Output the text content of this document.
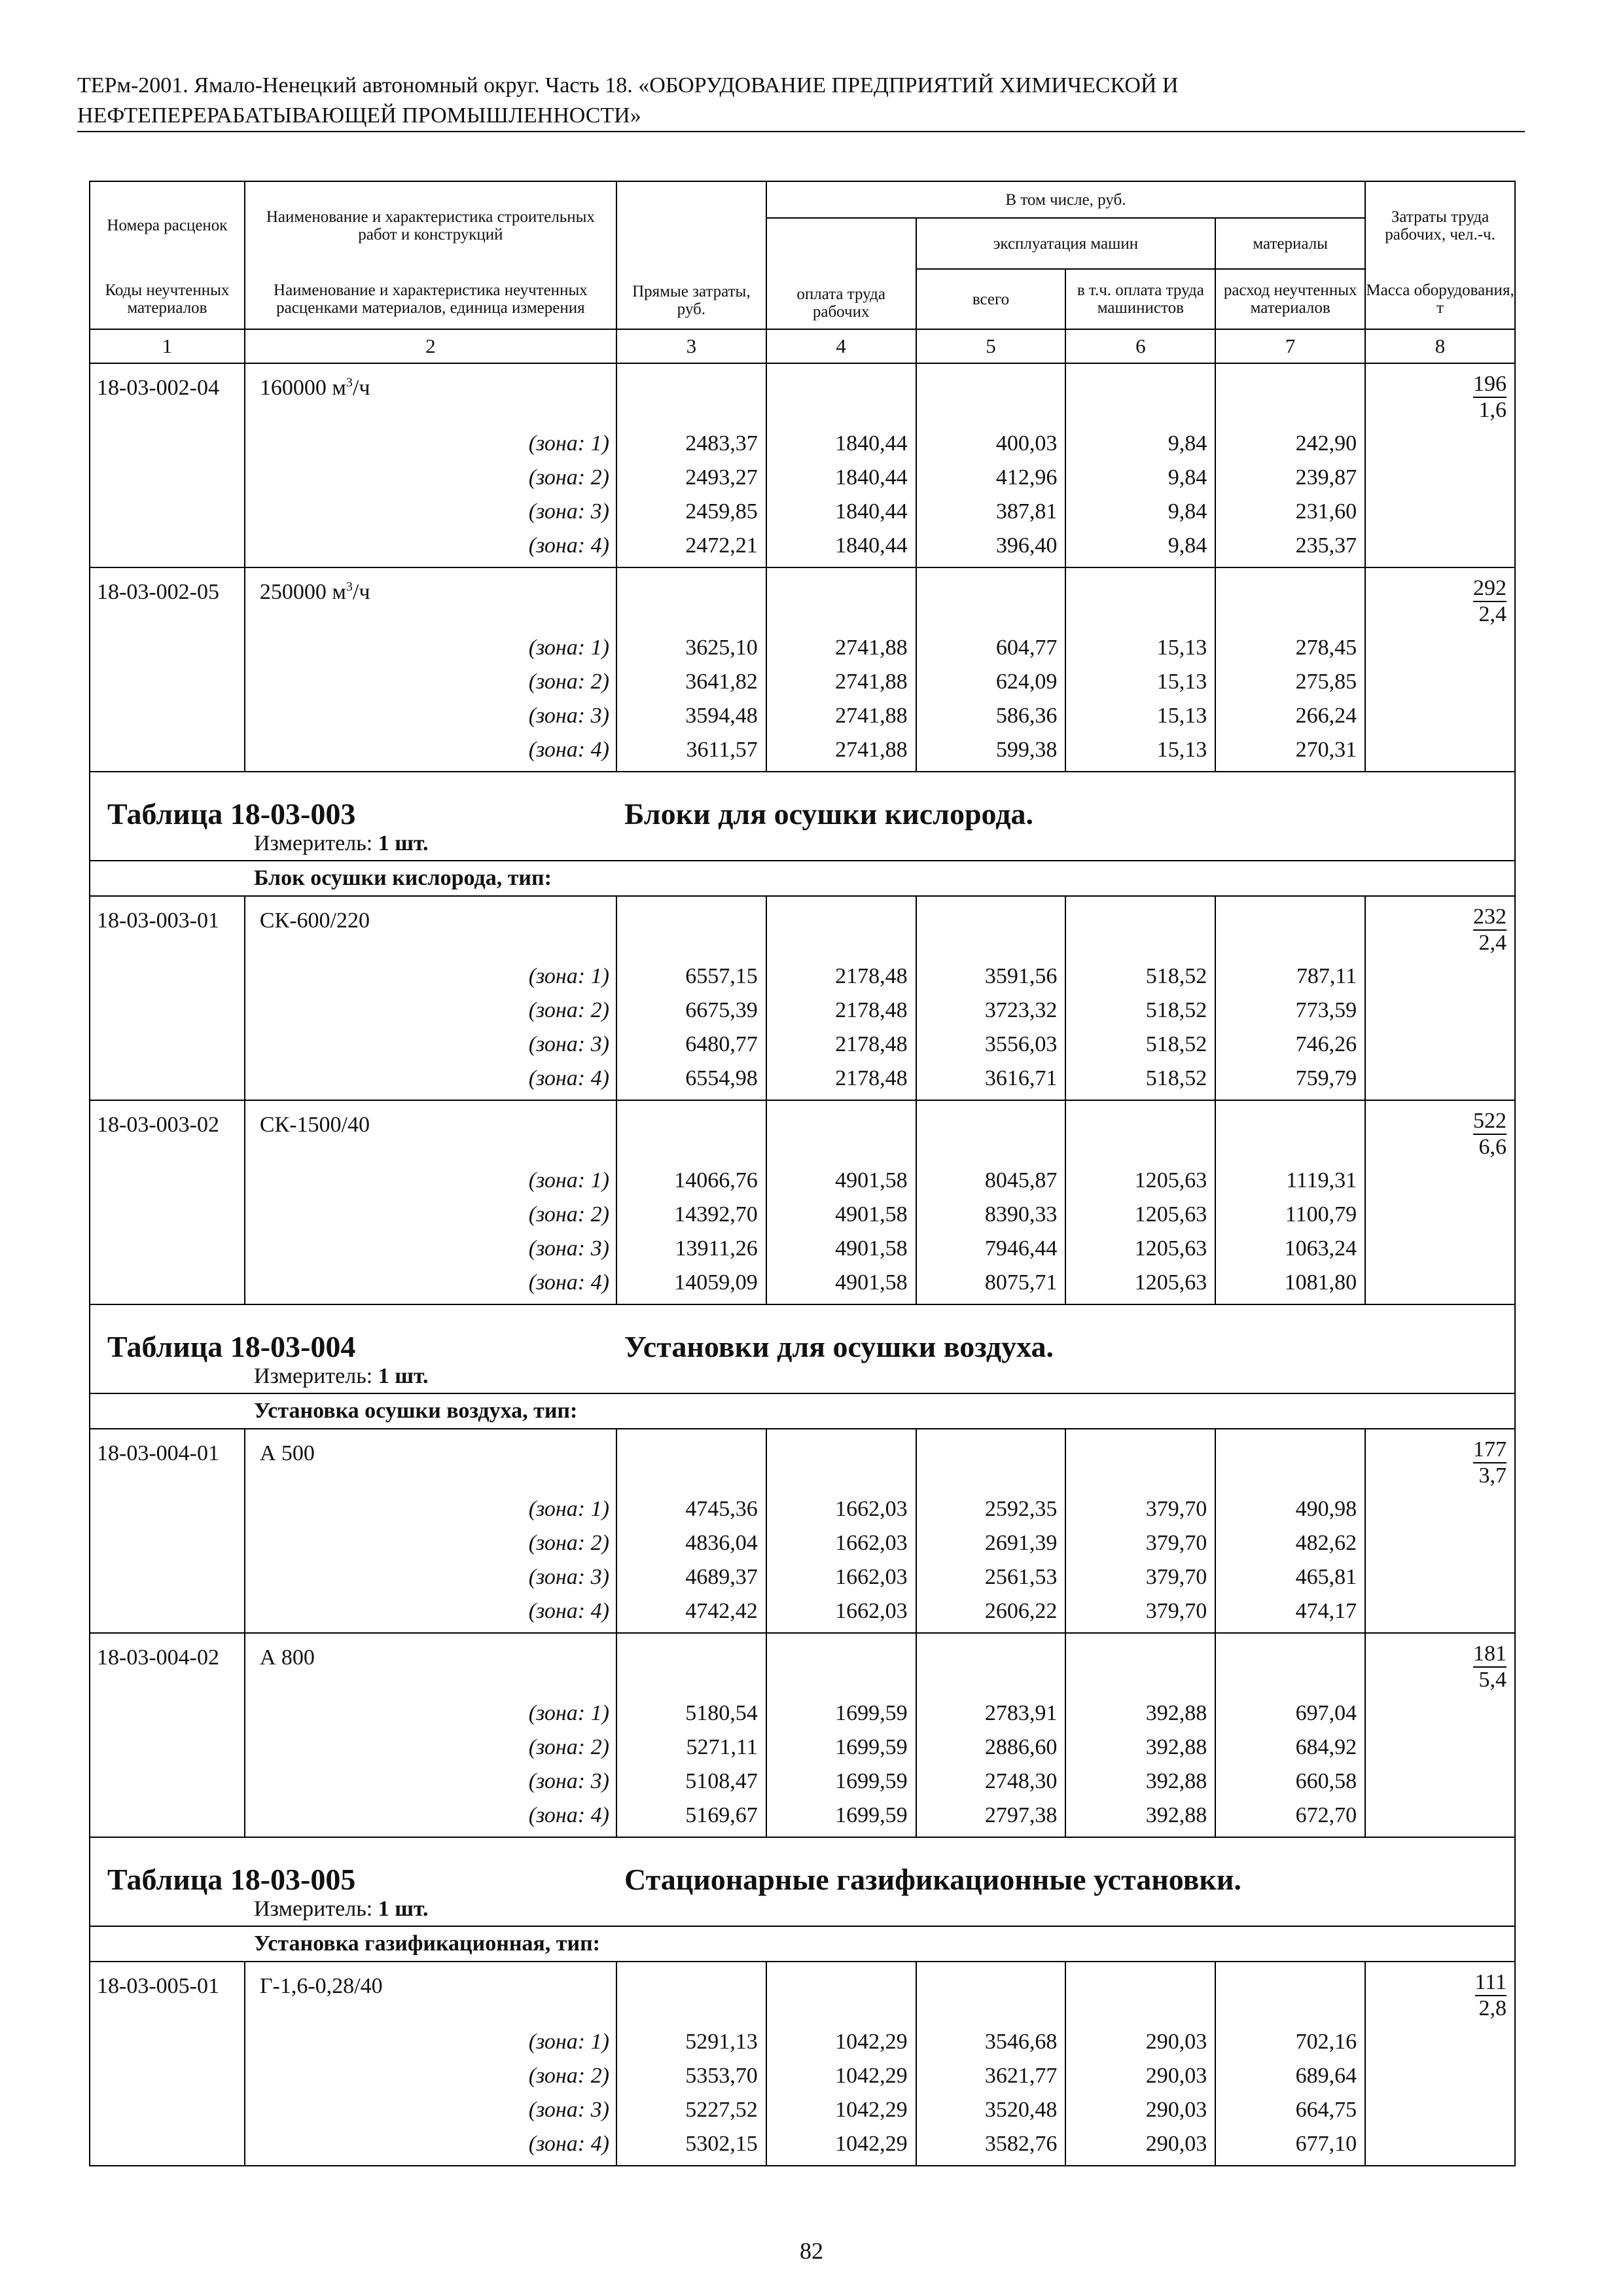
ТЕРм-2001. Ямало-Ненецкий автономный округ. Часть 18. «ОБОРУДОВАНИЕ ПРЕДПРИЯТИЙ ХИМИЧЕСКОЙ И
НЕФТЕПЕРЕРАБАТЫВАЮЩЕЙ ПРОМЫШЛЕННОСТИ»
Номера расценок	Наименование и характеристика строительных работ и конструкций	Прямые затраты, руб.	В том числе, руб.				Затраты труда рабочих, чел.-ч.
			оплата труда рабочих	эксплуатация машин		материалы	
Коды неучтенных материалов	Наименование и характеристика неучтенных расценками материалов, единица измерения			всего	в т.ч. оплата труда машинистов	расход неучтенных материалов	Масса оборудования, т
1	2	3	4	5	6	7	8
18-03-002-04	160000 $м^3/ч$						$\frac{196}{1,6}$

	(зона: 1)	2483,37	1840,44	400,03	9,84	242,90	
	(зона: 2)	2493,27	1840,44	412,96	9,84	239,87	
	(зона: 3)	2459,85	1840,44	387,81	9,84	231,60	
	(зона: 4)	2472,21	1840,44	396,40	9,84	235,37	

18-03-002-05	250000 $м^3/ч$						$\frac{292}{2,4}$

	(зона: 1)	3625,10	2741,88	604,77	15,13	278,45	
	(зона: 2)	3641,82	2741,88	624,09	15,13	275,85	
	(зона: 3)	3594,48	2741,88	586,36	15,13	266,24	
	(зона: 4)	3611,57	2741,88	599,38	15,13	270,31	

Таблица 18-03-003 Блоки для осушки кислорода.							

Измеритель: 1 шт.							

Блок осушки кислорода, тип:							

18-03-003-01	СК-600/220						$\frac{232}{2,4}$

	(зона: 1)	6557,15	2178,48	3591,56	518,52	787,11	
	(зона: 2)	6675,39	2178,48	3723,32	518,52	773,59	
	(зона: 3)	6480,77	2178,48	3556,03	518,52	746,26	
	(зона: 4)	6554,98	2178,48	3616,71	518,52	759,79	

18-03-003-02	СК-1500/40						$\frac{522}{6,6}$

	(зона: 1)	14066,76	4901,58	8045,87	1205,63	1119,31	
	(зона: 2)	14392,70	4901,58	8390,33	1205,63	1100,79	
	(зона: 3)	13911,26	4901,58	7946,44	1205,63	1063,24	
	(зона: 4)	14059,09	4901,58	8075,71	1205,63	1081,80	

Таблица 18-03-004 Установки для осушки воздуха.							

Измеритель: 1 шт.							

Установка осушки воздуха, тип:							

18-03-004-01	А 500						$\frac{177}{3,7}$

	(зона: 1)	4745,36	1662,03	2592,35	379,70	490,98	
	(зона: 2)	4836,04	1662,03	2691,39	379,70	482,62	
	(зона: 3)	4689,37	1662,03	2561,53	379,70	465,81	
	(зона: 4)	4742,42	1662,03	2606,22	379,70	474,17	

18-03-004-02	А 800						$\frac{181}{5,4}$

	(зона: 1)	5180,54	1699,59	2783,91	392,88	697,04	
	(зона: 2)	5271,11	1699,59	2886,60	392,88	684,92	
	(зона: 3)	5108,47	1699,59	2748,30	392,88	660,58	
	(зона: 4)	5169,67	1699,59	2797,38	392,88	672,70	

Таблица 18-03-005 Стационарные газификационные установки.							

Измеритель: 1 шт.							

Установка газификационная, тип:							

18-03-005-01	Г-1,6-0,28/40						$\frac{111}{2,8}$

	(зона: 1)	5291,13	1042,29	3546,68	290,03	702,16	
	(зона: 2)	5353,70	1042,29	3621,77	290,03	689,64	
	(зона: 3)	5227,52	1042,29	3520,48	290,03	664,75	
	(зона: 4)	5302,15	1042,29	3582,76	290,03	677,10	

82
